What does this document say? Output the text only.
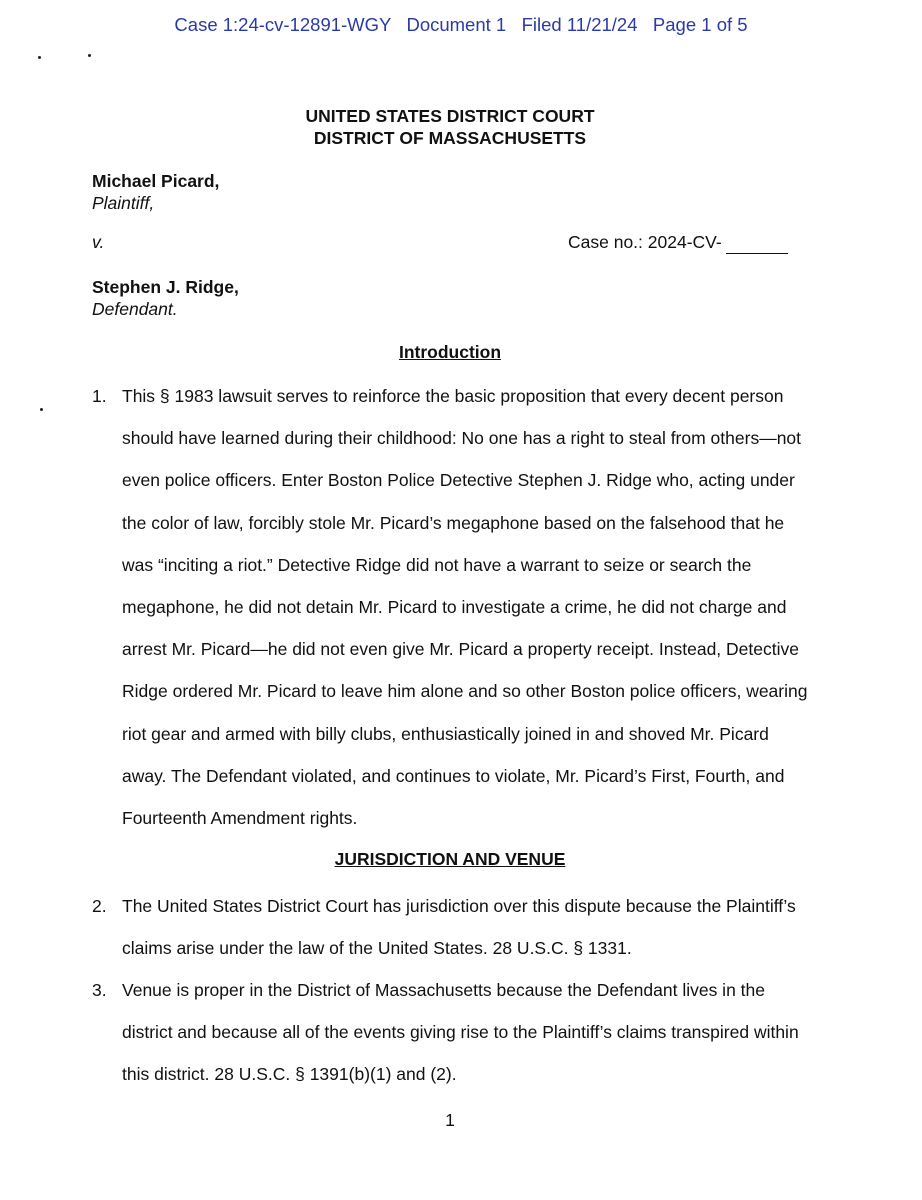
Case 1:24-cv-12891-WGY   Document 1   Filed 11/21/24   Page 1 of 5
UNITED STATES DISTRICT COURT
DISTRICT OF MASSACHUSETTS
Michael Picard,
Plaintiff,
v.	Case no.: 2024-CV-
Stephen J. Ridge,
Defendant.
Introduction
1. This § 1983 lawsuit serves to reinforce the basic proposition that every decent person should have learned during their childhood: No one has a right to steal from others—not even police officers. Enter Boston Police Detective Stephen J. Ridge who, acting under the color of law, forcibly stole Mr. Picard’s megaphone based on the falsehood that he was “inciting a riot.” Detective Ridge did not have a warrant to seize or search the megaphone, he did not detain Mr. Picard to investigate a crime, he did not charge and arrest Mr. Picard—he did not even give Mr. Picard a property receipt. Instead, Detective Ridge ordered Mr. Picard to leave him alone and so other Boston police officers, wearing riot gear and armed with billy clubs, enthusiastically joined in and shoved Mr. Picard away. The Defendant violated, and continues to violate, Mr. Picard’s First, Fourth, and Fourteenth Amendment rights.
JURISDICTION AND VENUE
2. The United States District Court has jurisdiction over this dispute because the Plaintiff’s claims arise under the law of the United States. 28 U.S.C. § 1331.
3. Venue is proper in the District of Massachusetts because the Defendant lives in the district and because all of the events giving rise to the Plaintiff’s claims transpired within this district. 28 U.S.C. § 1391(b)(1) and (2).
1
